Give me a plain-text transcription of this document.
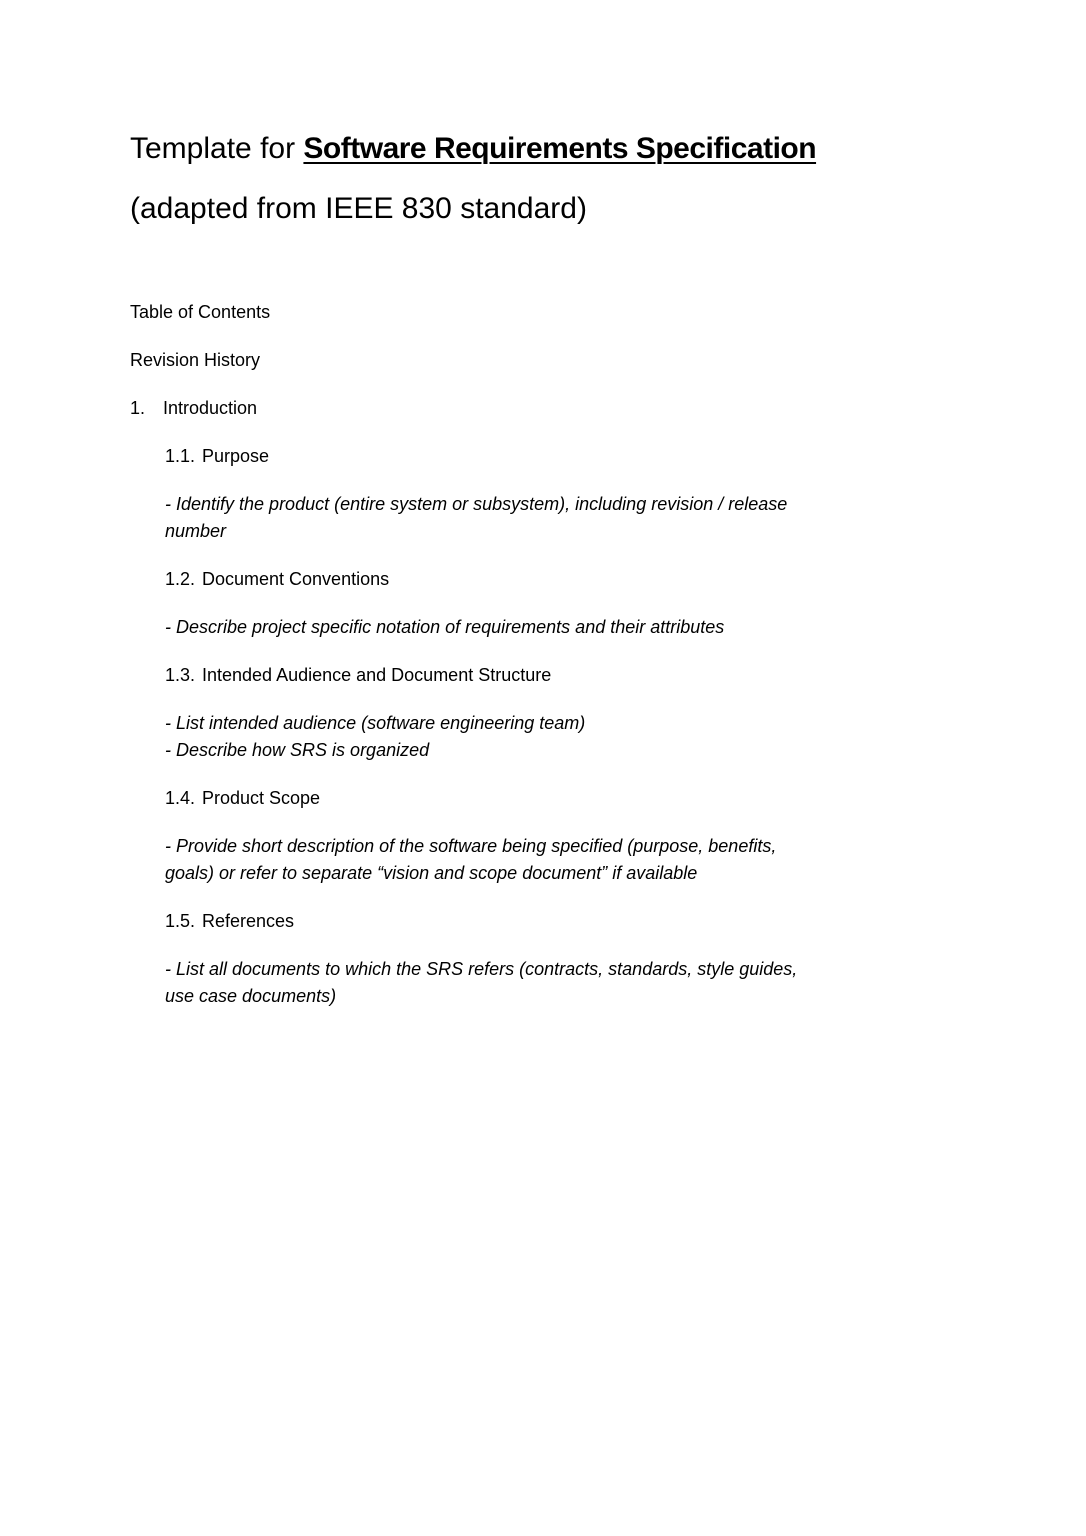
Template for Software Requirements Specification

(adapted from IEEE 830 standard)

Table of Contents

Revision History

1. Introduction

1.1. Purpose

- Identify the product (entire system or subsystem), including revision / release
number

1.2. Document Conventions

- Describe project specific notation of requirements and their attributes

1.3. Intended Audience and Document Structure

- List intended audience (software engineering team)
- Describe how SRS is organized

1.4. Product Scope

- Provide short description of the software being specified (purpose, benefits,
goals) or refer to separate “vision and scope document” if available

1.5. References

- List all documents to which the SRS refers (contracts, standards, style guides,
use case documents)
